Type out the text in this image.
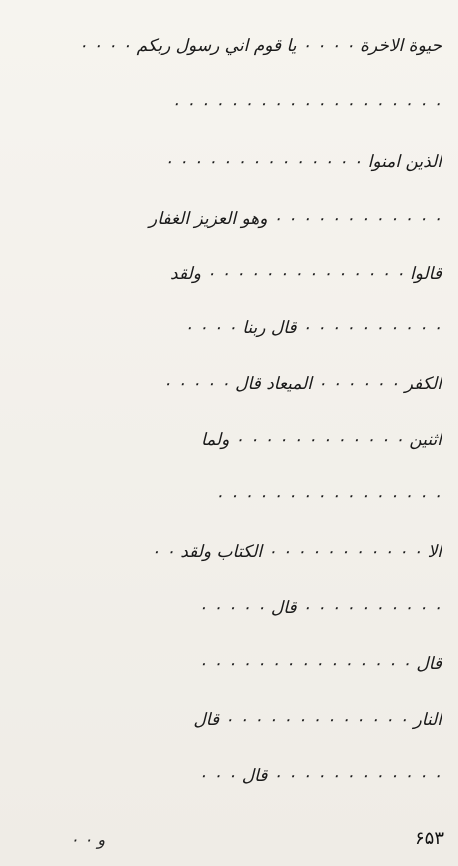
حيوة الاخرة ۰ ۰ ۰ ۰ يا قوم اني رسول ربكم ۰ ۰ ۰ ۰
۰ ۰ ۰ ۰ ۰ ۰ ۰ ۰ ۰ ۰ ۰ ۰ ۰ ۰ ۰ ۰ ۰ ۰ ۰
الذين امنوا ۰ ۰ ۰ ۰ ۰ ۰ ۰ ۰ ۰ ۰ ۰ ۰ ۰ ۰
۰ ۰ ۰ ۰ ۰ ۰ ۰ ۰ ۰ ۰ ۰ ۰ وهو العزيز الغفار
قالوا ۰ ۰ ۰ ۰ ۰ ۰ ۰ ۰ ۰ ۰ ۰ ۰ ۰ ۰ ولقد
۰ ۰ ۰ ۰ ۰ ۰ ۰ ۰ ۰ ۰ قال ربنا ۰ ۰ ۰ ۰
الكفر ۰ ۰ ۰ ۰ ۰ ۰ الميعاد قال ۰ ۰ ۰ ۰ ۰
اثنين ۰ ۰ ۰ ۰ ۰ ۰ ۰ ۰ ۰ ۰ ۰ ۰ ولما
۰ ۰ ۰ ۰ ۰ ۰ ۰ ۰ ۰ ۰ ۰ ۰ ۰ ۰ ۰ ۰
الا ۰ ۰ ۰ ۰ ۰ ۰ ۰ ۰ ۰ ۰ ۰ الكتاب ولقد ۰ ۰
۰ ۰ ۰ ۰ ۰ ۰ ۰ ۰ ۰ ۰ قال ۰ ۰ ۰ ۰ ۰
قال ۰ ۰ ۰ ۰ ۰ ۰ ۰ ۰ ۰ ۰ ۰ ۰ ۰ ۰ ۰
النار ۰ ۰ ۰ ۰ ۰ ۰ ۰ ۰ ۰ ۰ ۰ ۰ ۰ قال
۰ ۰ ۰ ۰ ۰ ۰ ۰ ۰ ۰ ۰ ۰ ۰ قال ۰ ۰ ۰
و ۰ ۰	۶۵۳
